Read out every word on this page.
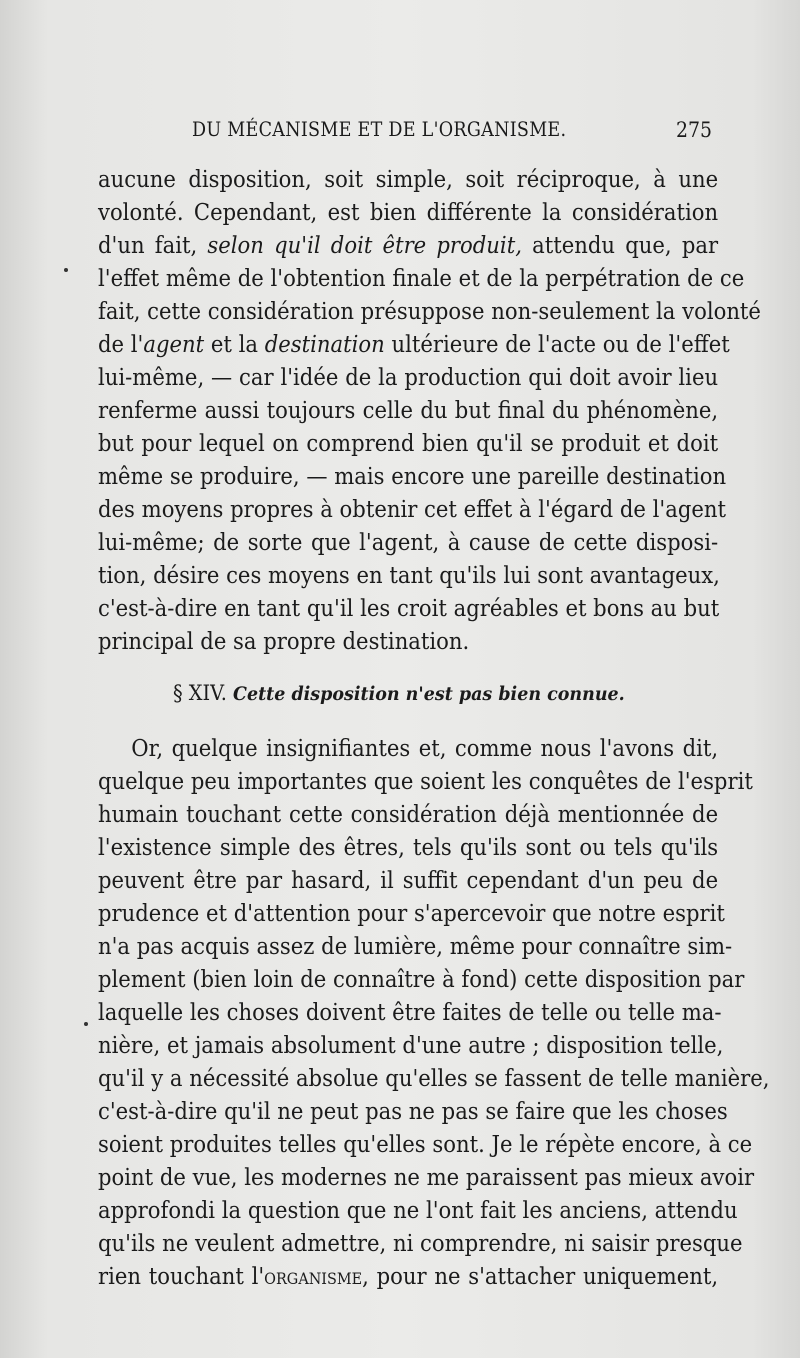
DU MÉCANISME ET DE L'ORGANISME.	275
aucune disposition, soit simple, soit réciproque, à une
volonté. Cependant, est bien différente la considération
d'un fait, selon qu'il doit être produit, attendu que, par
l'effet même de l'obtention finale et de la perpétration de ce
fait, cette considération présuppose non-seulement la volonté
de l'agent et la destination ultérieure de l'acte ou de l'effet
lui-même, — car l'idée de la production qui doit avoir lieu
renferme aussi toujours celle du but final du phénomène,
but pour lequel on comprend bien qu'il se produit et doit
même se produire, — mais encore une pareille destination
des moyens propres à obtenir cet effet à l'égard de l'agent
lui-même; de sorte que l'agent, à cause de cette disposi-
tion, désire ces moyens en tant qu'ils lui sont avantageux,
c'est-à-dire en tant qu'il les croit agréables et bons au but
principal de sa propre destination.
§ XIV. Cette disposition n'est pas bien connue.
Or, quelque insignifiantes et, comme nous l'avons dit,
quelque peu importantes que soient les conquêtes de l'esprit
humain touchant cette considération déjà mentionnée de
l'existence simple des êtres, tels qu'ils sont ou tels qu'ils
peuvent être par hasard, il suffit cependant d'un peu de
prudence et d'attention pour s'apercevoir que notre esprit
n'a pas acquis assez de lumière, même pour connaître sim-
plement (bien loin de connaître à fond) cette disposition par
laquelle les choses doivent être faites de telle ou telle ma-
nière, et jamais absolument d'une autre ; disposition telle,
qu'il y a nécessité absolue qu'elles se fassent de telle manière,
c'est-à-dire qu'il ne peut pas ne pas se faire que les choses
soient produites telles qu'elles sont. Je le répète encore, à ce
point de vue, les modernes ne me paraissent pas mieux avoir
approfondi la question que ne l'ont fait les anciens, attendu
qu'ils ne veulent admettre, ni comprendre, ni saisir presque
rien touchant l'organisme, pour ne s'attacher uniquement,
